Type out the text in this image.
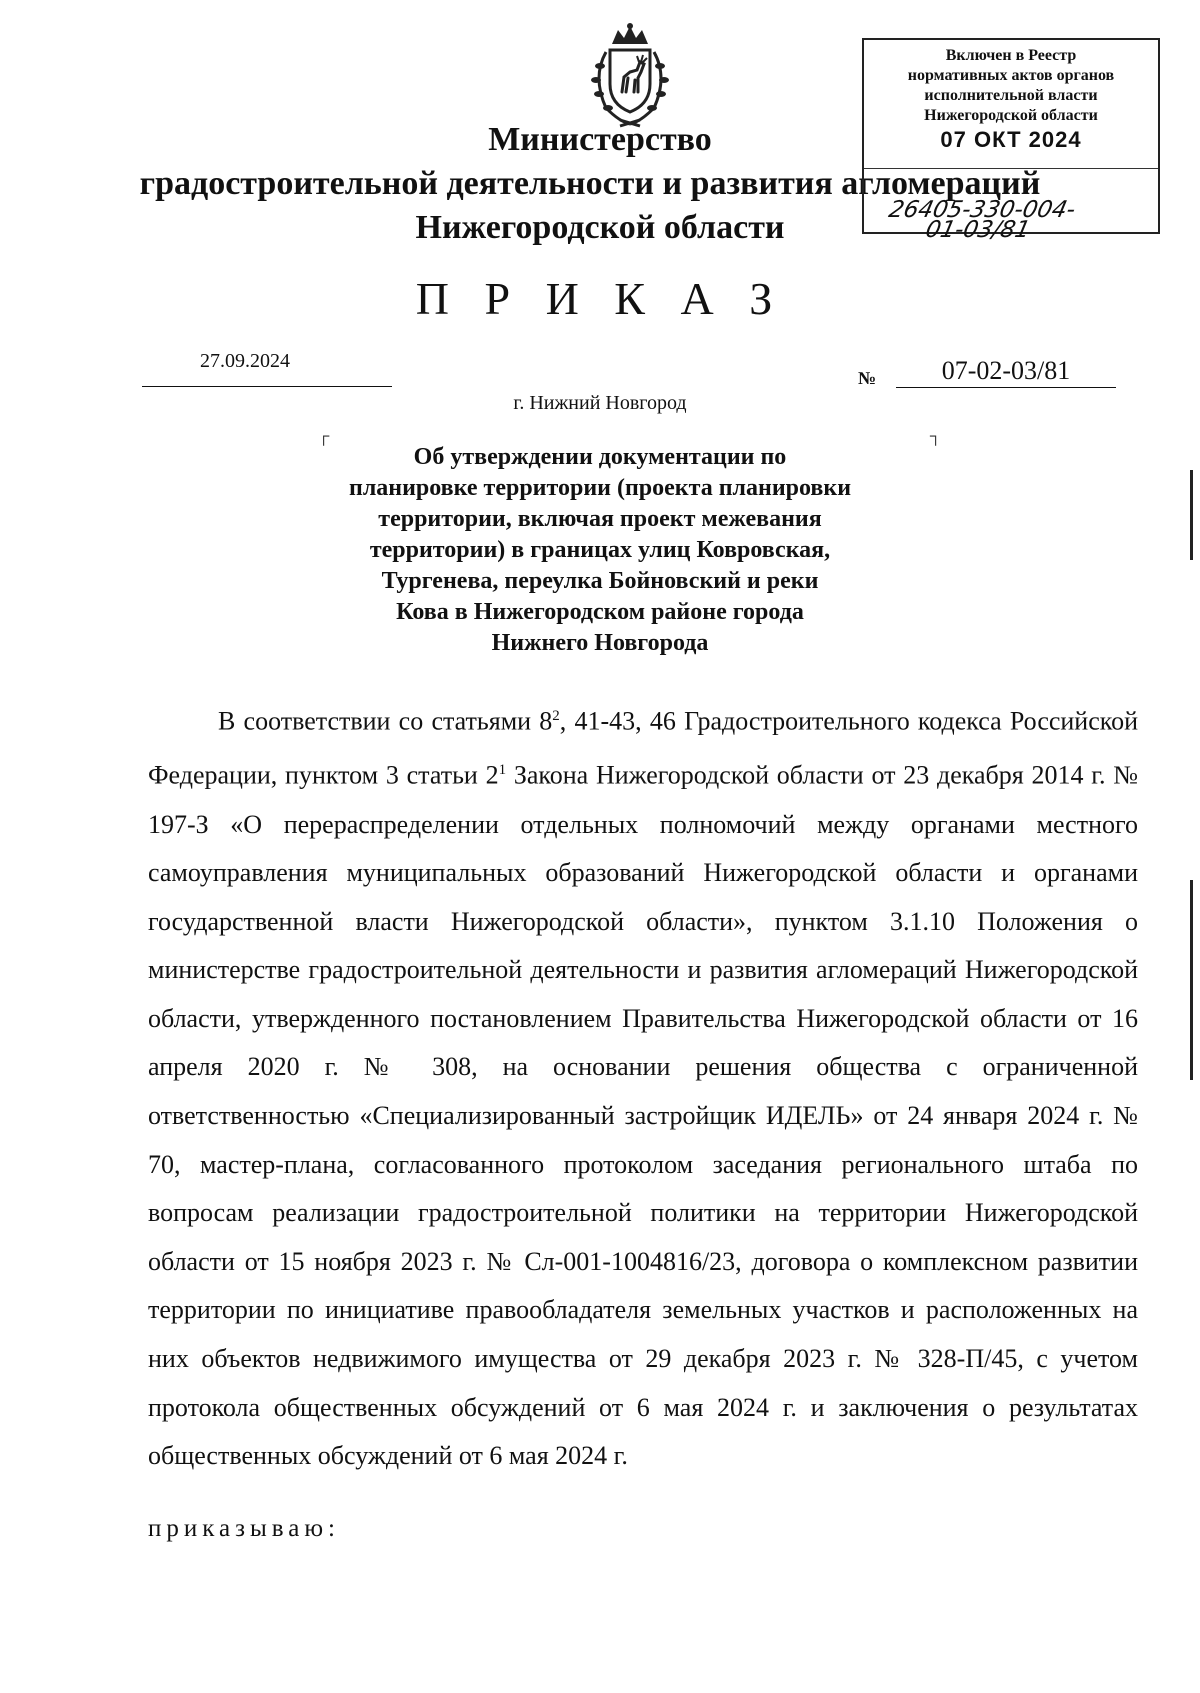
Министерство
градостроительной деятельности и развития агломераций
Нижегородской области
Включен в Реестр
нормативных актов органов
исполнительной власти
Нижегородской области
07 ОКТ 2024
26405-330-004-01-03/81
П Р И К А З
27.09.2024
№	07-02-03/81
г. Нижний Новгород
┌	┐
Об утверждении документации по
планировке территории (проекта планировки
территории, включая проект межевания
территории) в границах улиц Ковровская,
Тургенева, переулка Бойновский и реки
Кова в Нижегородском районе города
Нижнего Новгорода

В соответствии со статьями $8^2$, 41-43, 46 Градостроительного кодекса Российской Федерации, пунктом 3 статьи $2^1$ Закона Нижегородской области от 23 декабря 2014 г. № 197-З «О перераспределении отдельных полномочий между органами местного самоуправления муниципальных образований Нижегородской области и органами государственной власти Нижегородской области», пунктом 3.1.10 Положения о министерстве градостроительной деятельности и развития агломераций Нижегородской области, утвержденного постановлением Правительства Нижегородской области от 16 апреля 2020 г. № 308, на основании решения общества с ограниченной ответственностью «Специализированный застройщик ИДЕЛЬ» от 24 января 2024 г. № 70, мастер-плана, согласованного протоколом заседания регионального штаба по вопросам реализации градостроительной политики на территории Нижегородской области от 15 ноября 2023 г. № Сл-001-1004816/23, договора о комплексном развитии территории по инициативе правообладателя земельных участков и расположенных на них объектов недвижимого имущества от 29 декабря 2023 г. № 328-П/45, с учетом протокола общественных обсуждений от 6 мая 2024 г. и заключения о результатах общественных обсуждений от 6 мая 2024 г.

приказываю:
